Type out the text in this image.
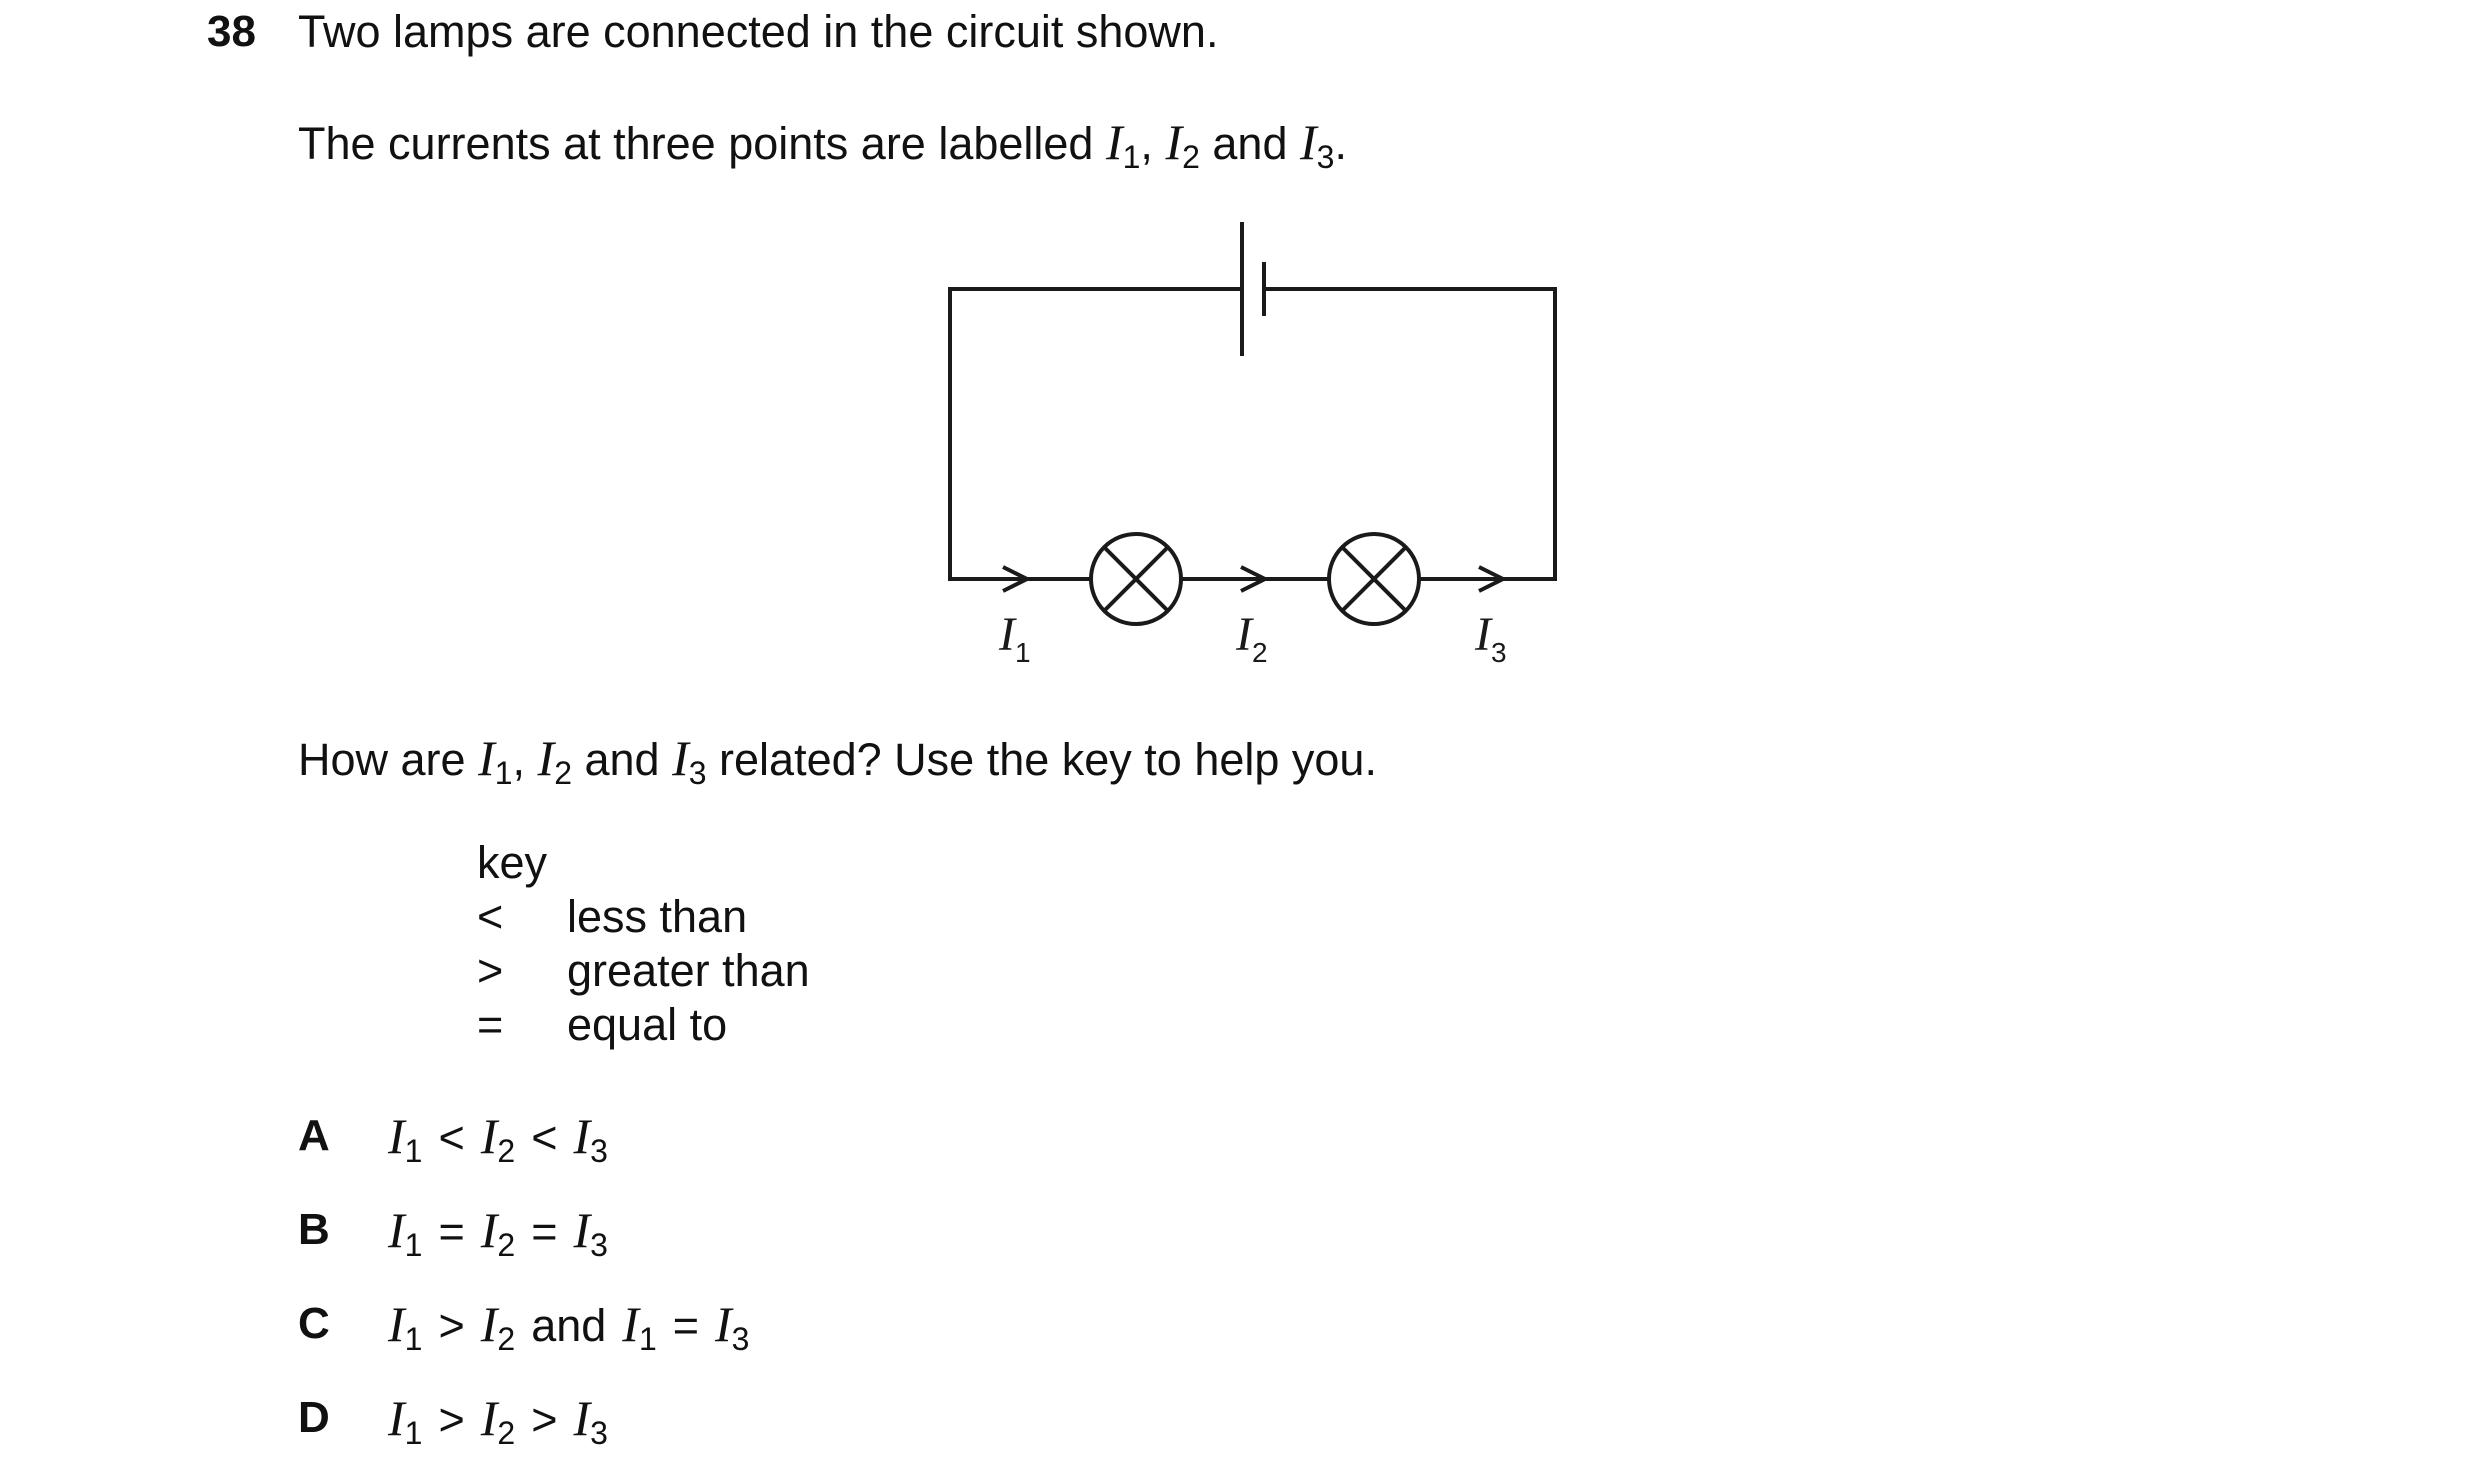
38 Two lamps are connected in the circuit shown.
The currents at three points are labelled $I_1$, $I_2$ and $I_3$.
$I_1$	$I_2$	$I_3$
How are $I_1$, $I_2$ and $I_3$ related? Use the key to help you.
key
<	less than
>	greater than
=	equal to
A $I_1 < I_2 < I_3$
B $I_1 = I_2 = I_3$
C $I_1 > I_2$ and $I_1 = I_3$
D $I_1 > I_2 > I_3$
